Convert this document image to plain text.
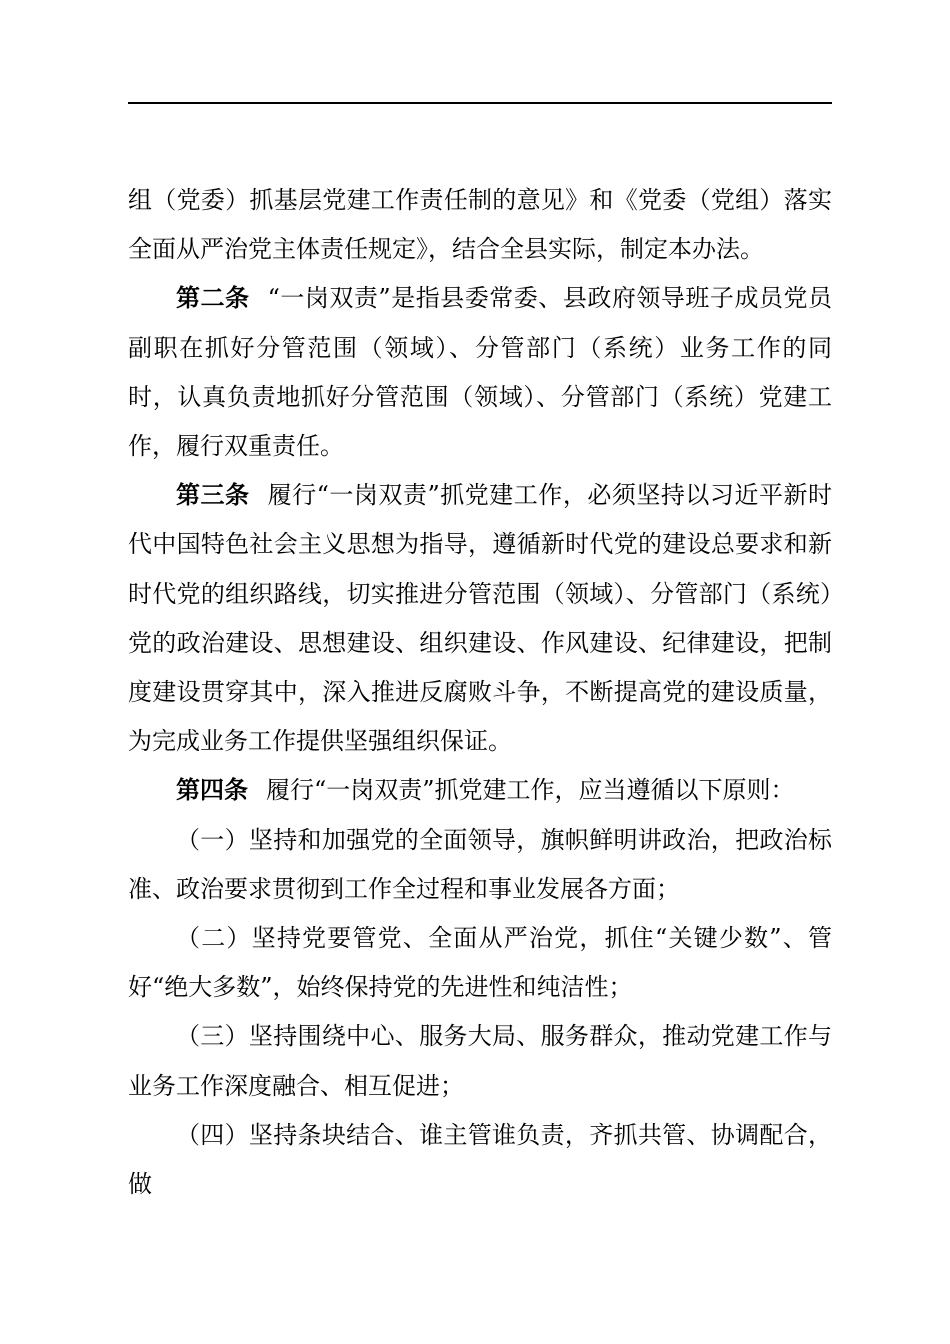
组（党委）抓基层党建工作责任制的意见》和《党委（党组）落实全面从严治党主体责任规定》，结合全县实际，制定本办法。

第二条 “一岗双责”是指县委常委、县政府领导班子成员党员副职在抓好分管范围（领域）、分管部门（系统）业务工作的同时，认真负责地抓好分管范围（领域）、分管部门（系统）党建工作，履行双重责任。

第三条 履行“一岗双责”抓党建工作，必须坚持以习近平新时代中国特色社会主义思想为指导，遵循新时代党的建设总要求和新时代党的组织路线，切实推进分管范围（领域）、分管部门（系统）党的政治建设、思想建设、组织建设、作风建设、纪律建设，把制度建设贯穿其中，深入推进反腐败斗争，不断提高党的建设质量，为完成业务工作提供坚强组织保证。

第四条 履行“一岗双责”抓党建工作，应当遵循以下原则：

（一）坚持和加强党的全面领导，旗帜鲜明讲政治，把政治标准、政治要求贯彻到工作全过程和事业发展各方面；

（二）坚持党要管党、全面从严治党，抓住“关键少数”、管好“绝大多数”，始终保持党的先进性和纯洁性；

（三）坚持围绕中心、服务大局、服务群众，推动党建工作与业务工作深度融合、相互促进；

（四）坚持条块结合、谁主管谁负责，齐抓共管、协调配合，做
